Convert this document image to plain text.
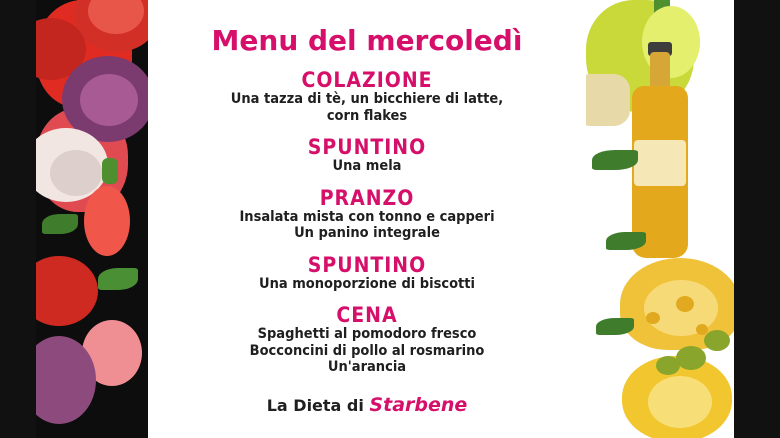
Menu del mercoledì
COLAZIONE
Una tazza di tè, un bicchiere di latte,
corn flakes
SPUNTINO
Una mela
PRANZO
Insalata mista con tonno e capperi
Un panino integrale
SPUNTINO
Una monoporzione di biscotti
CENA
Spaghetti al pomodoro fresco
Bocconcini di pollo al rosmarino
Un'arancia
La Dieta di Starbene
